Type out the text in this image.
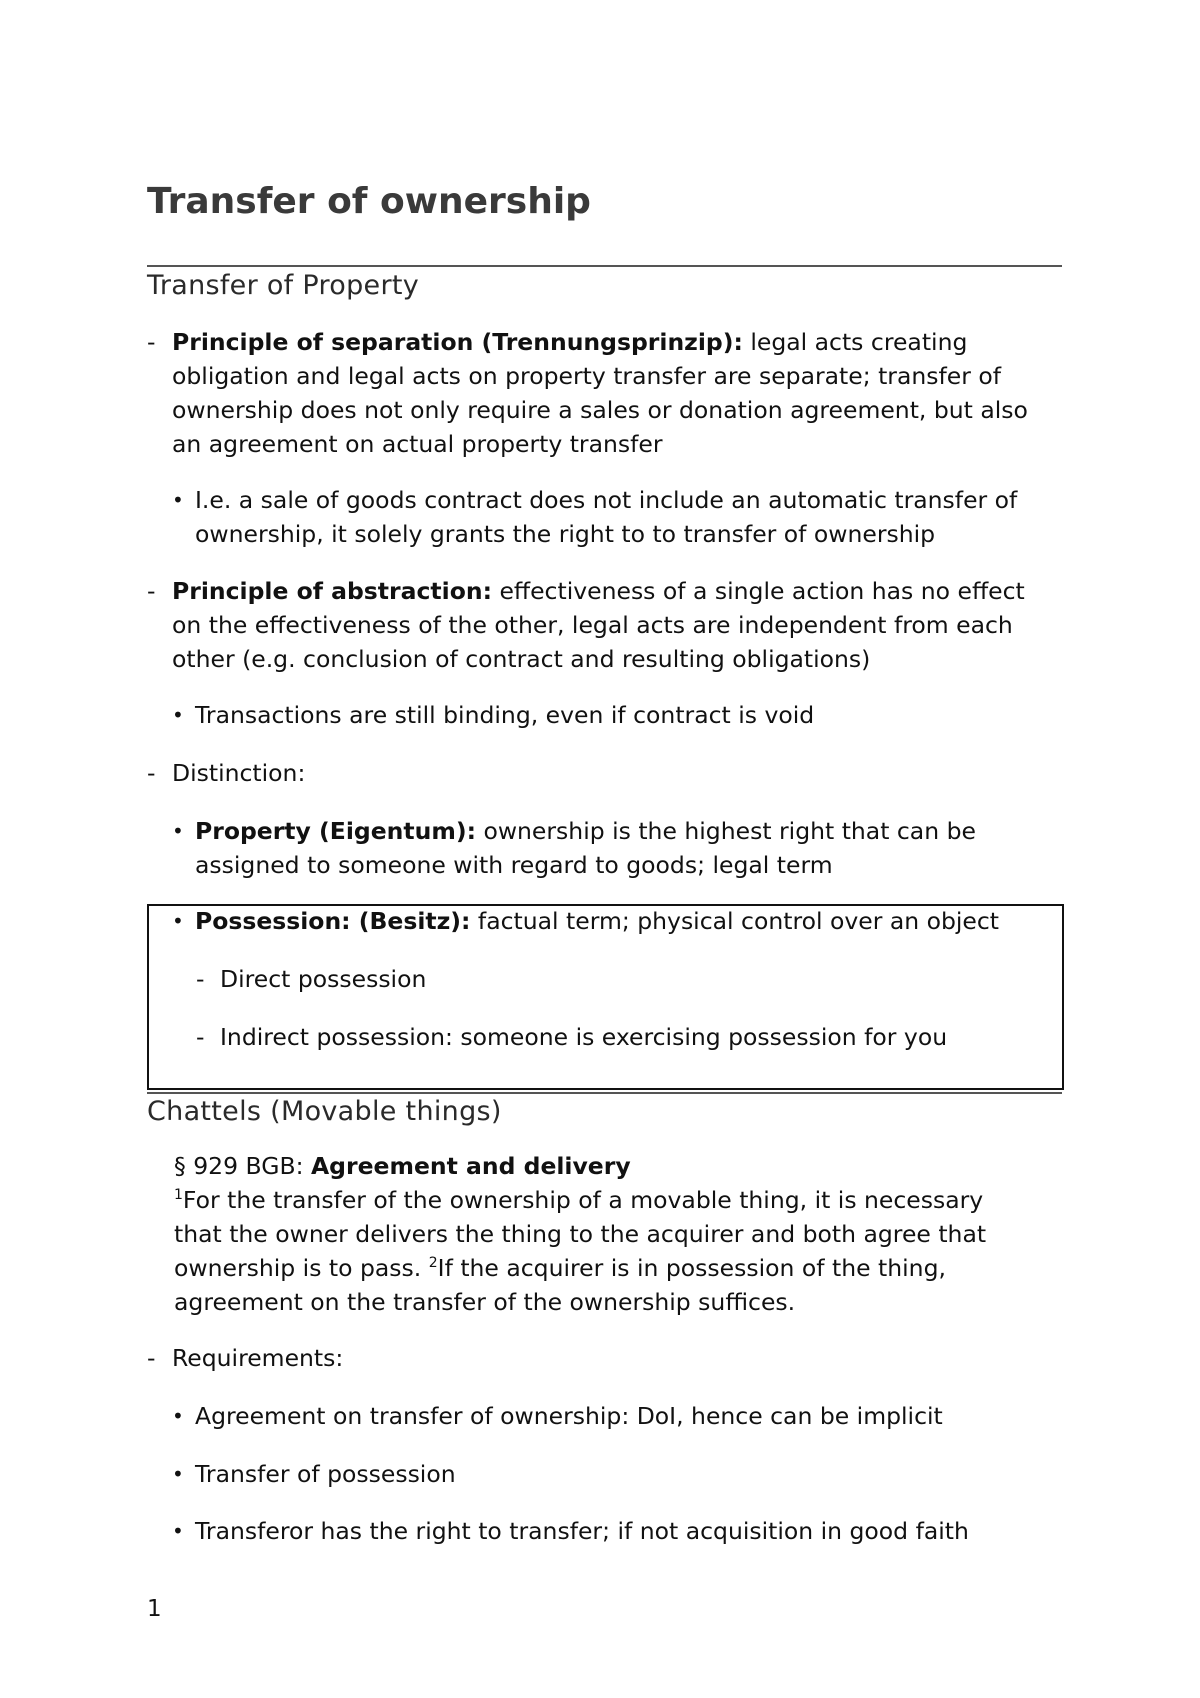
Transfer of ownership
Transfer of Property
- Principle of separation (Trennungsprinzip): legal acts creating
obligation and legal acts on property transfer are separate; transfer of
ownership does not only require a sales or donation agreement, but also
an agreement on actual property transfer
• I.e. a sale of goods contract does not include an automatic transfer of
ownership, it solely grants the right to to transfer of ownership
- Principle of abstraction: effectiveness of a single action has no effect
on the effectiveness of the other, legal acts are independent from each
other (e.g. conclusion of contract and resulting obligations)
• Transactions are still binding, even if contract is void
- Distinction:
• Property (Eigentum): ownership is the highest right that can be
assigned to someone with regard to goods; legal term
• Possession: (Besitz): factual term; physical control over an object
- Direct possession
- Indirect possession: someone is exercising possession for you
Chattels (Movable things)
§ 929 BGB: Agreement and delivery
$^1$For the transfer of the ownership of a movable thing, it is necessary
that the owner delivers the thing to the acquirer and both agree that
ownership is to pass. $^2$If the acquirer is in possession of the thing,
agreement on the transfer of the ownership suffices.
- Requirements:
• Agreement on transfer of ownership: DoI, hence can be implicit
• Transfer of possession
• Transferor has the right to transfer; if not acquisition in good faith
1
